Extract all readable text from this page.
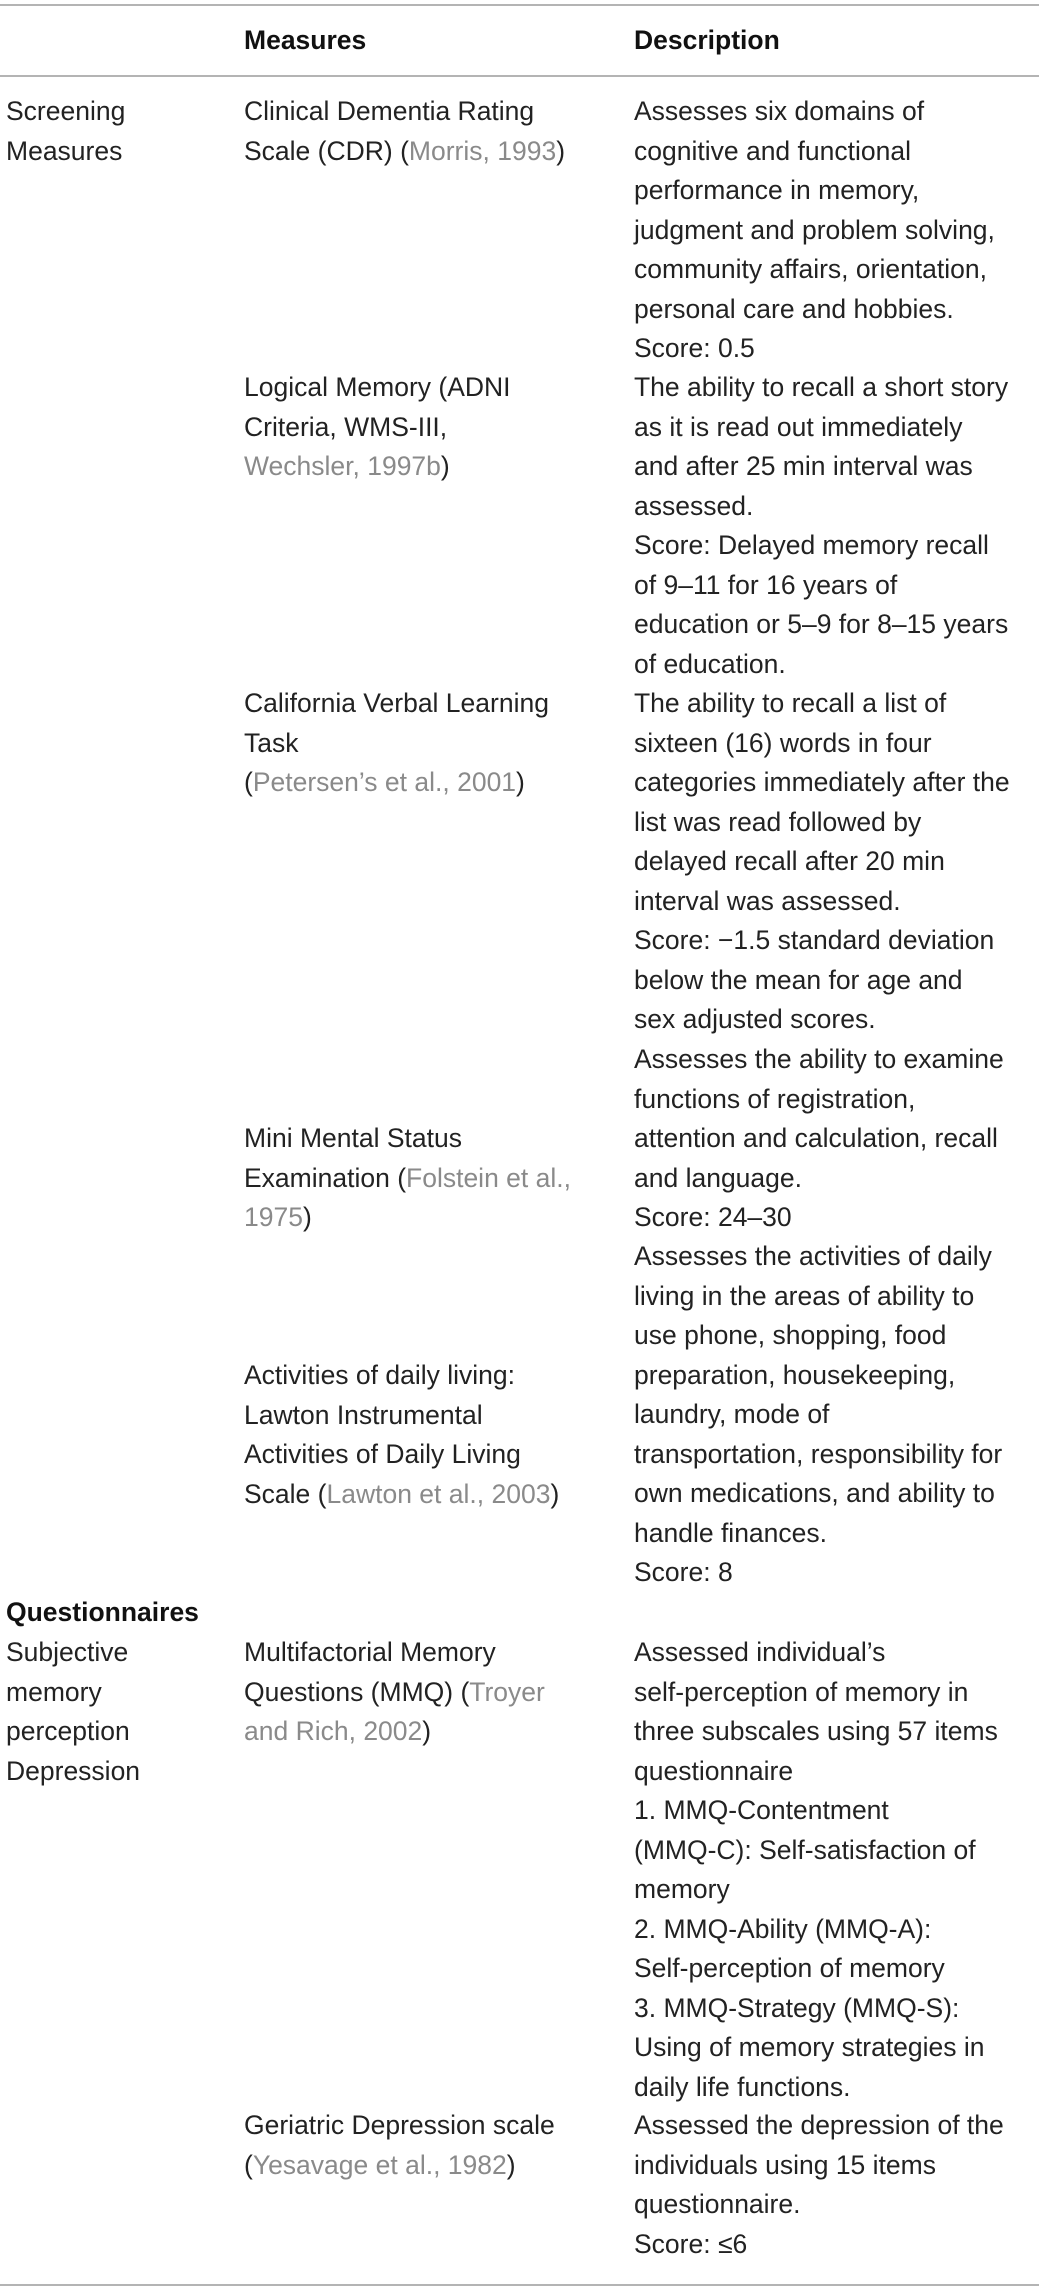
Measures	Description
Screening
Measures
Clinical Dementia Rating
Scale (CDR) (Morris, 1993)
Assesses six domains of
cognitive and functional
performance in memory,
judgment and problem solving,
community affairs, orientation,
personal care and hobbies.
Score: 0.5
Logical Memory (ADNI
Criteria, WMS-III,
Wechsler, 1997b)
The ability to recall a short story
as it is read out immediately
and after 25 min interval was
assessed.
Score: Delayed memory recall
of 9–11 for 16 years of
education or 5–9 for 8–15 years
of education.
California Verbal Learning
Task
(Petersen’s et al., 2001)
The ability to recall a list of
sixteen (16) words in four
categories immediately after the
list was read followed by
delayed recall after 20 min
interval was assessed.
Score: −1.5 standard deviation
below the mean for age and
sex adjusted scores.
Mini Mental Status
Examination (Folstein et al.,
1975)
Assesses the ability to examine
functions of registration,
attention and calculation, recall
and language.
Score: 24–30
Activities of daily living:
Lawton Instrumental
Activities of Daily Living
Scale (Lawton et al., 2003)
Assesses the activities of daily
living in the areas of ability to
use phone, shopping, food
preparation, housekeeping,
laundry, mode of
transportation, responsibility for
own medications, and ability to
handle finances.
Score: 8
Questionnaires
Subjective
memory
perception
Depression
Multifactorial Memory
Questions (MMQ) (Troyer
and Rich, 2002)
Assessed individual’s
self-perception of memory in
three subscales using 57 items
questionnaire
1. MMQ-Contentment
(MMQ-C): Self-satisfaction of
memory
2. MMQ-Ability (MMQ-A):
Self-perception of memory
3. MMQ-Strategy (MMQ-S):
Using of memory strategies in
daily life functions.
Geriatric Depression scale
(Yesavage et al., 1982)
Assessed the depression of the
individuals using 15 items
questionnaire.
Score: ≤6
